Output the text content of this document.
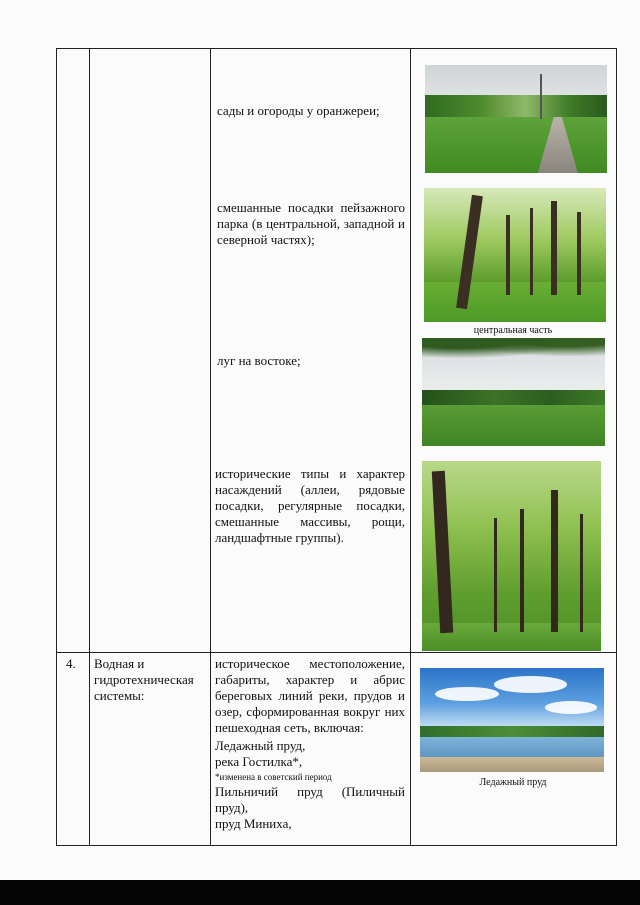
сады и огороды у оранжереи;
смешанные посадки пейзажного парка (в центральной, западной и северной частях);
центральная часть
луг на востоке;
исторические типы и характер насаждений (аллеи, рядовые посадки, регулярные посадки, смешанные массивы, рощи, ландшафтные группы).
4. Водная и гидротехническая системы:
историческое местоположение, габариты, характер и абрис береговых линий реки, прудов и озер, сформированная вокруг них пешеходная сеть, включая:
Ледажный пруд,
река Гостилка*,
*изменена в советский период
Пильничий пруд (Пиличный пруд),
пруд Миниха,
Ледажный пруд
